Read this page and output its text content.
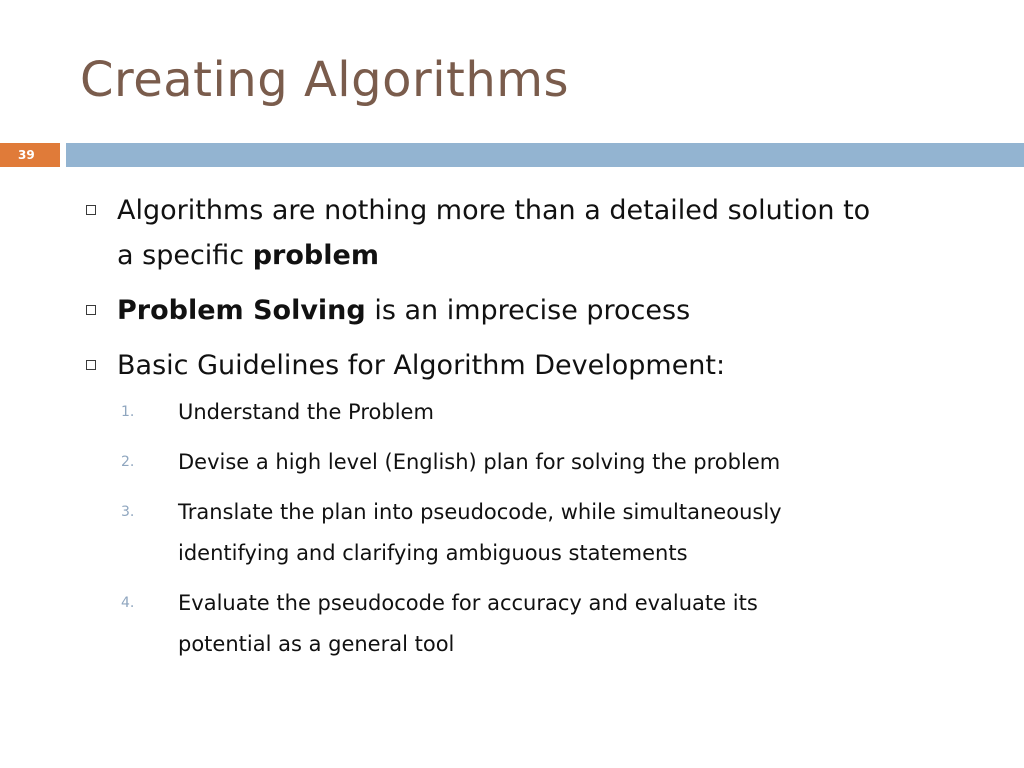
Creating Algorithms
39
Algorithms are nothing more than a detailed solution to
a specific problem
Problem Solving is an imprecise process
Basic Guidelines for Algorithm Development:
1. Understand the Problem
2. Devise a high level (English) plan for solving the problem
3. Translate the plan into pseudocode, while simultaneously
identifying and clarifying ambiguous statements
4. Evaluate the pseudocode for accuracy and evaluate its
potential as a general tool
